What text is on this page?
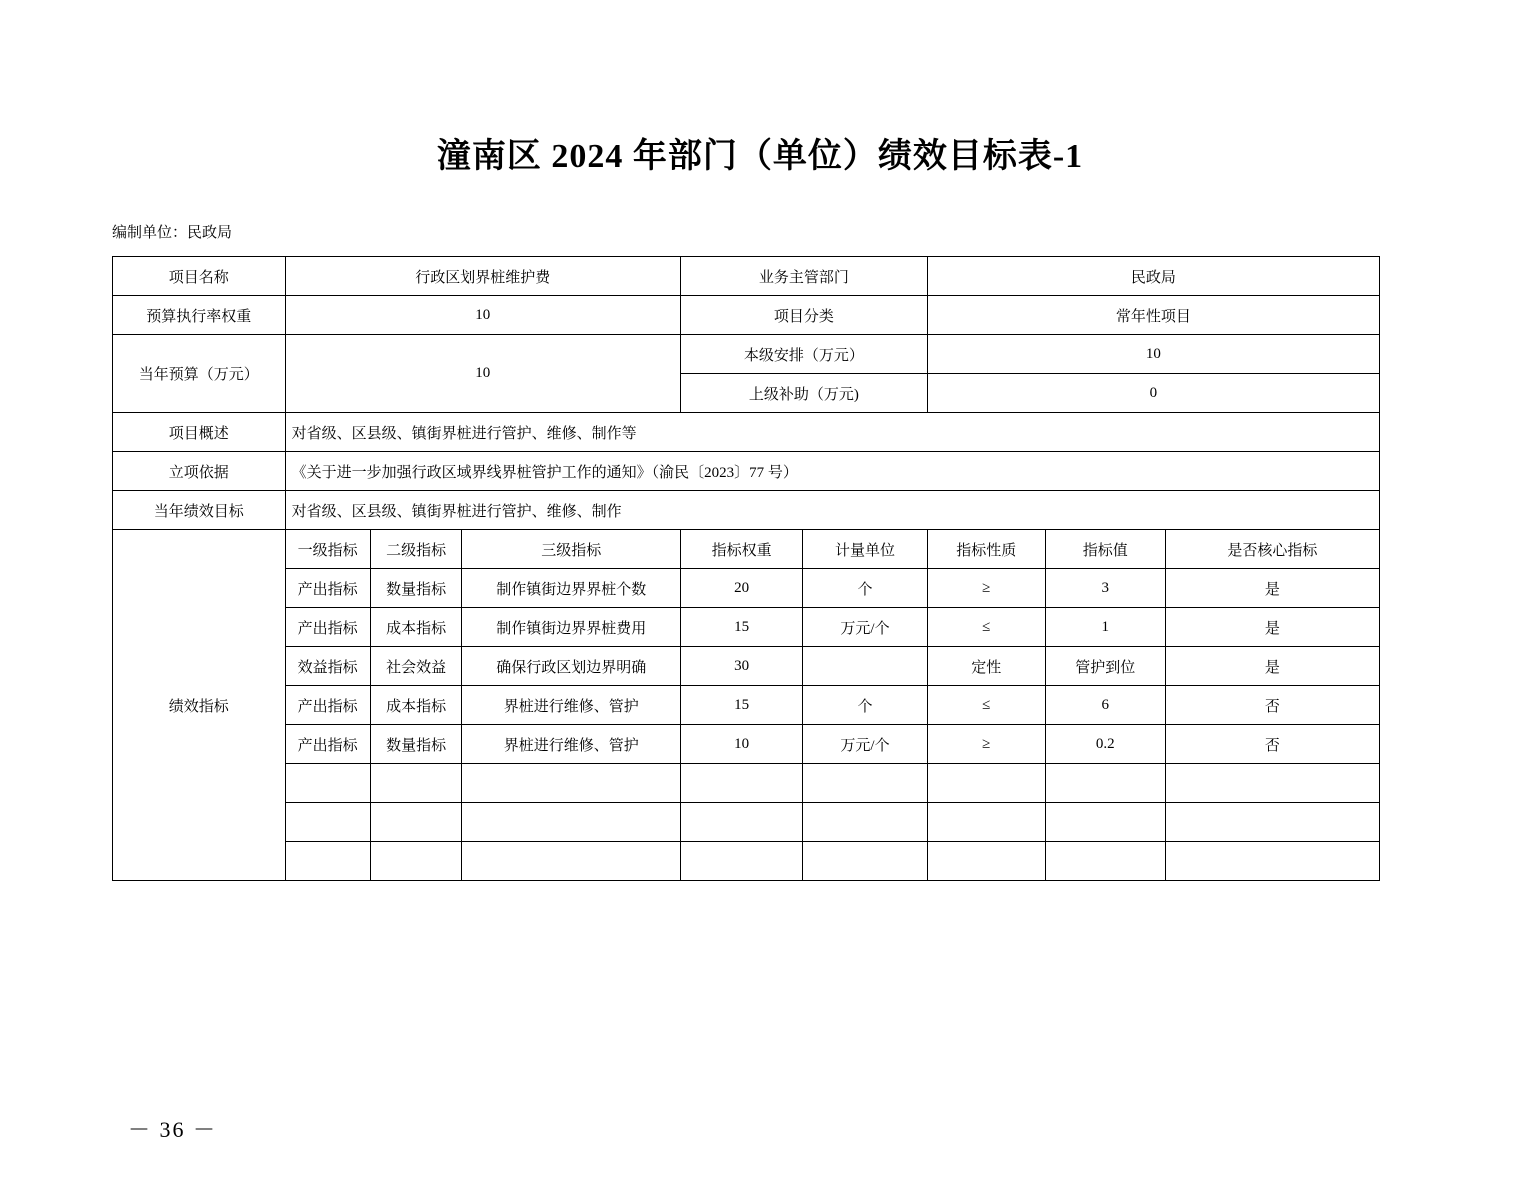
潼南区 2024 年部门（单位）绩效目标表-1
编制单位：民政局
项目名称	行政区划界桩维护费			业务主管部门		民政局		
预算执行率权重	10			项目分类		常年性项目		
当年预算（万元）	10			本级安排（万元）		10		
				上级补助（万元)		0		
项目概述	对省级、区县级、镇街界桩进行管护、维修、制作等							
立项依据	《关于进一步加强行政区域界线界桩管护工作的通知》（渝民〔2023〕77 号）							
当年绩效目标	对省级、区县级、镇街界桩进行管护、维修、制作							
绩效指标	一级指标	二级指标	三级指标	指标权重	计量单位	指标性质	指标值	是否核心指标
	产出指标	数量指标	制作镇街边界界桩个数	20	个	≥	3	是
	产出指标	成本指标	制作镇街边界界桩费用	15	万元/个	≤	1	是
	效益指标	社会效益	确保行政区划边界明确	30		定性	管护到位	是
	产出指标	成本指标	界桩进行维修、管护	15	个	≤	6	否
	产出指标	数量指标	界桩进行维修、管护	10	万元/个	≥	0.2	否

－ 36 －
